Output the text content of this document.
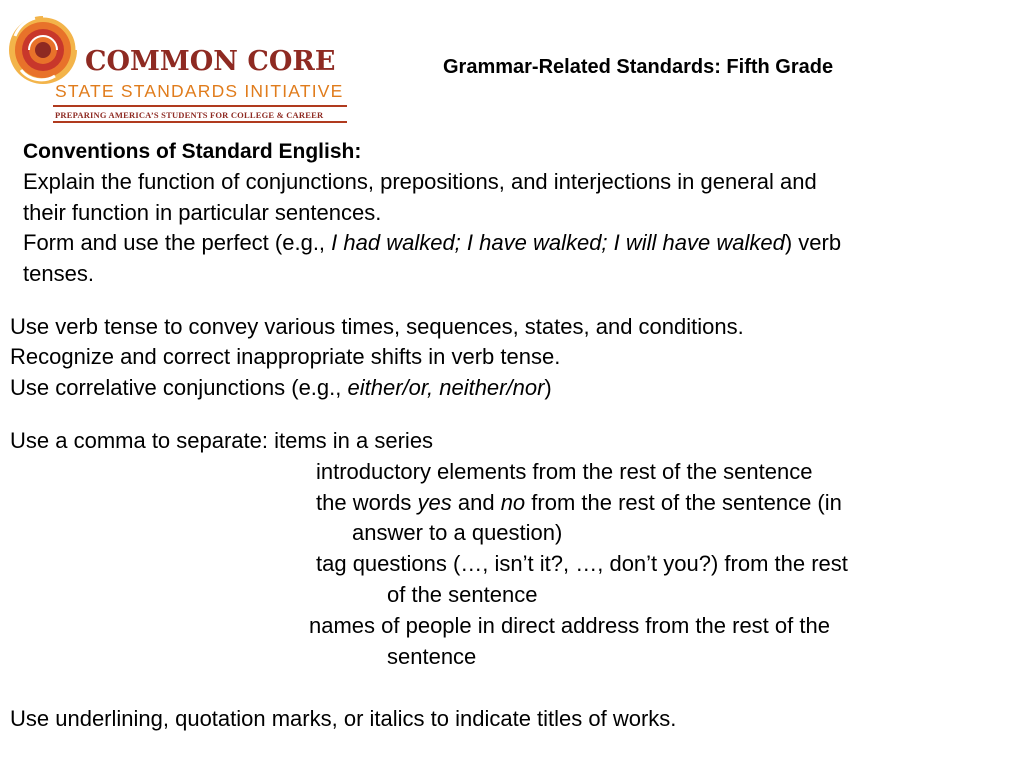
COMMON CORE
STATE STANDARDS INITIATIVE
PREPARING AMERICA’S STUDENTS FOR COLLEGE & CAREER
Grammar-Related Standards: Fifth Grade
Conventions of Standard English:
Explain the function of conjunctions, prepositions, and interjections in general and
their function in particular sentences.
Form and use the perfect (e.g., I had walked; I have walked; I will have walked) verb
tenses.
Use verb tense to convey various times, sequences, states, and conditions.
Recognize and correct inappropriate shifts in verb tense.
Use correlative conjunctions (e.g., either/or, neither/nor)
Use a comma to separate: items in a series
introductory elements from the rest of the sentence
the words yes and no from the rest of the sentence (in
answer to a question)
tag questions (…, isn’t it?, …, don’t you?) from the rest
of the sentence
names of people in direct address from the rest of the
sentence
Use underlining, quotation marks, or italics to indicate titles of works.
